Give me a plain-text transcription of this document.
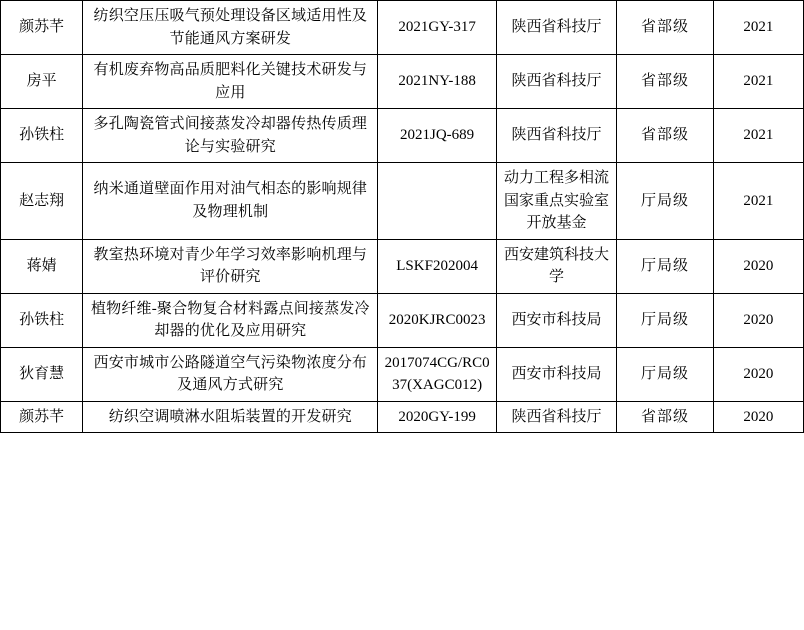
颜苏芊	纺织空压压吸气预处理设备区域适用性及节能通风方案研发	2021GY-317	陕西省科技厅	省部级	2021
房平	有机废弃物高品质肥料化关键技术研发与应用	2021NY-188	陕西省科技厅	省部级	2021
孙铁柱	多孔陶瓷管式间接蒸发冷却器传热传质理论与实验研究	2021JQ-689	陕西省科技厅	省部级	2021
赵志翔	纳米通道壁面作用对油气相态的影响规律及物理机制		动力工程多相流国家重点实验室开放基金	厅局级	2021
蒋婧	教室热环境对青少年学习效率影响机理与评价研究	LSKF202004	西安建筑科技大学	厅局级	2020
孙铁柱	植物纤维-聚合物复合材料露点间接蒸发冷却器的优化及应用研究	2020KJRC0023	西安市科技局	厅局级	2020
狄育慧	西安市城市公路隧道空气污染物浓度分布及通风方式研究	2017074CG/RC037(XAGC012)	西安市科技局	厅局级	2020
颜苏芊	纺织空调喷淋水阻垢装置的开发研究	2020GY-199	陕西省科技厅	省部级	2020
